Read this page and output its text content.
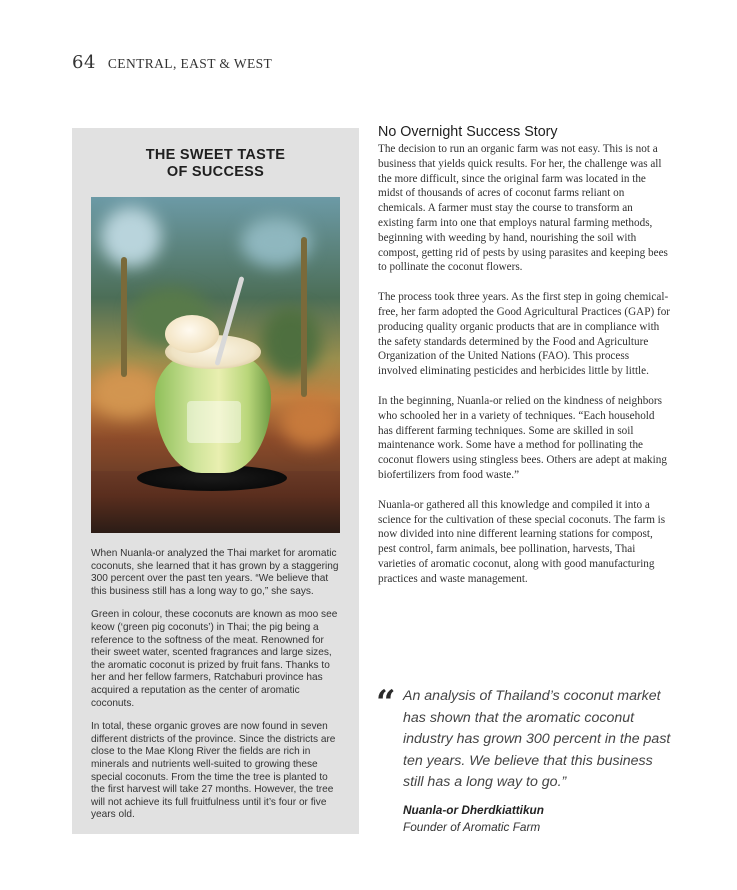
64 CENTRAL, EAST & WEST
THE SWEET TASTE
OF SUCCESS

When Nuanla-or analyzed the Thai market for aromatic coconuts, she learned that it has grown by a staggering 300 percent over the past ten years. “We believe that this business still has a long way to go,” she says.

Green in colour, these coconuts are known as moo see keow (‘green pig coconuts’) in Thai; the pig being a reference to the softness of the meat. Renowned for their sweet water, scented fragrances and large sizes, the aromatic coconut is prized by fruit fans. Thanks to her and her fellow farmers, Ratchaburi province has acquired a reputation as the center of aromatic coconuts.

In total, these organic groves are now found in seven different districts of the province. Since the districts are close to the Mae Klong River the fields are rich in minerals and nutrients well-suited to growing these special coconuts. From the time the tree is planted to the first harvest will take 27 months. However, the tree will not achieve its full fruitfulness until it’s four or five years old.

No Overnight Success Story

The decision to run an organic farm was not easy. This is not a business that yields quick results. For her, the challenge was all the more difficult, since the original farm was located in the midst of thousands of acres of coconut farms reliant on chemicals. A farmer must stay the course to transform an existing farm into one that employs natural farming methods, beginning with weeding by hand, nourishing the soil with compost, getting rid of pests by using parasites and keeping bees to pollinate the coconut flowers.

The process took three years. As the first step in going chemical-free, her farm adopted the Good Agricultural Practices (GAP) for producing quality organic products that are in compliance with the safety standards determined by the Food and Agriculture Organization of the United Nations (FAO). This process involved eliminating pesticides and herbicides little by little.

In the beginning, Nuanla-or relied on the kindness of neighbors who schooled her in a variety of techniques. “Each household has different farming techniques. Some are skilled in soil maintenance work. Some have a method for pollinating the coconut flowers using stingless bees. Others are adept at making biofertilizers from food waste.”

Nuanla-or gathered all this knowledge and compiled it into a science for the cultivation of these special coconuts. The farm is now divided into nine different learning stations for compost, pest control, farm animals, bee pollination, harvests, Thai varieties of aromatic coconut, along with good manufacturing practices and waste management.

“ An analysis of Thailand’s coconut market has shown that the aromatic coconut industry has grown 300 percent in the past ten years. We believe that this business still has a long way to go.”

Nuanla-or Dherdkiattikun
Founder of Aromatic Farm
